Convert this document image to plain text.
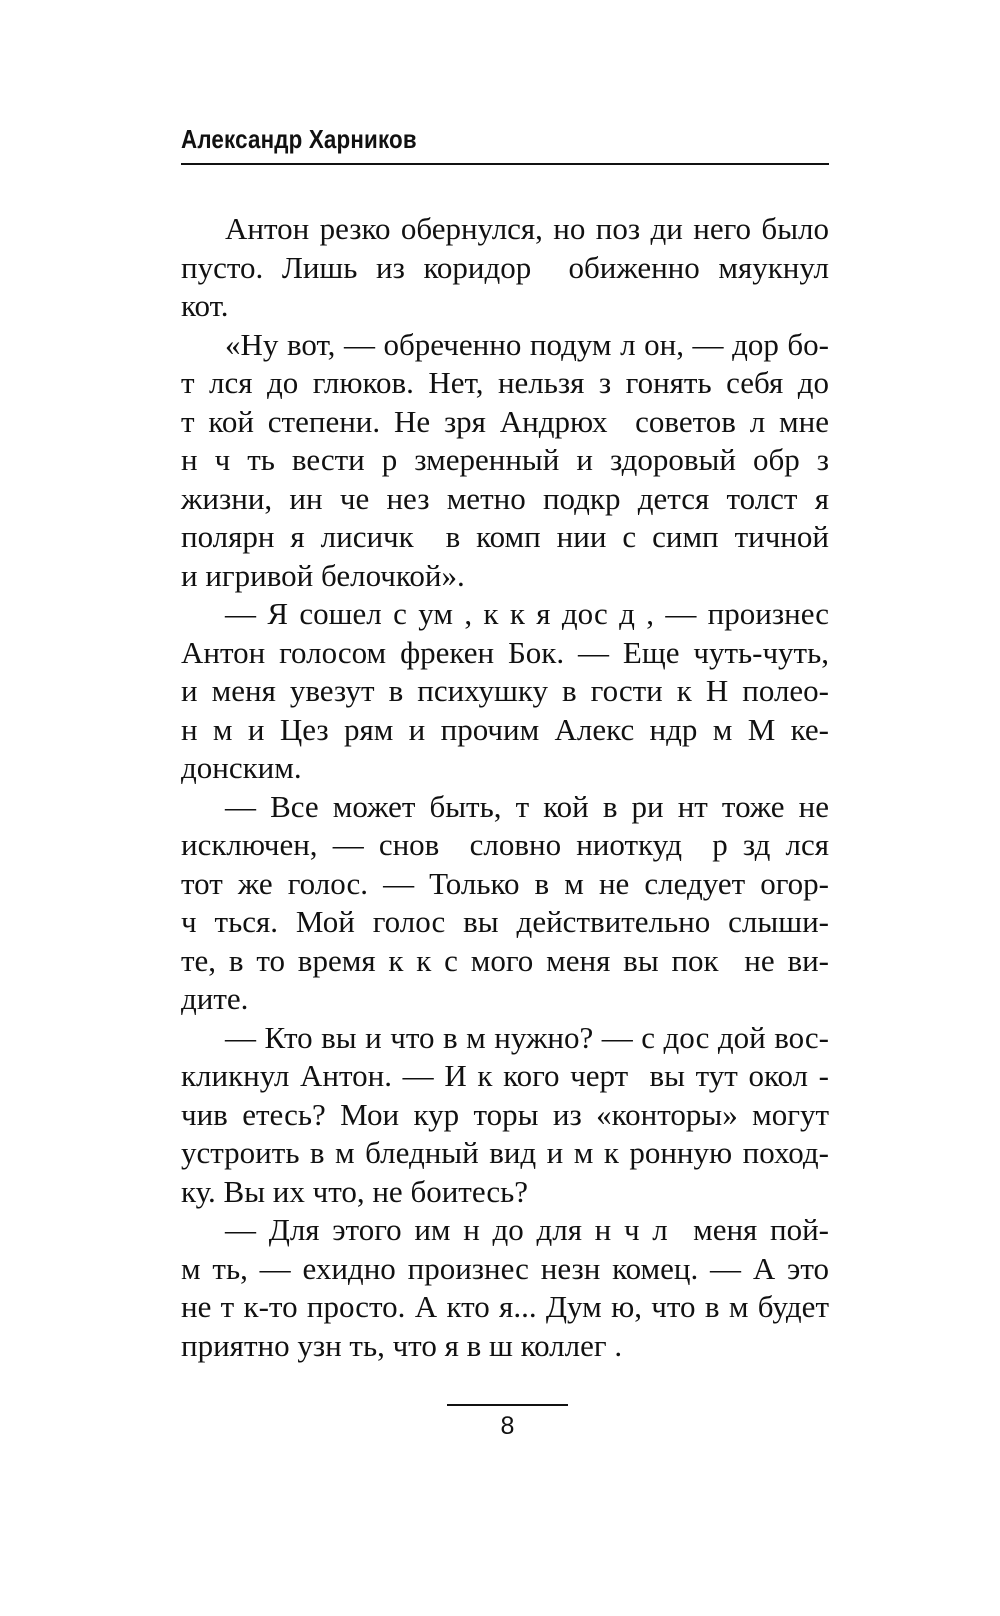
Александр Харников
Антон резко обернулся, но поз ди него было
пусто. Лишь из коридор  обиженно мяукнул
кот.
«Ну вот, — обреченно подум л он, — дор бо-
т лся до глюков. Нет, нельзя з гонять себя до
т кой степени. Не зря Андрюх  советов л мне
н ч ть вести р змеренный и здоровый обр з
жизни, ин че нез метно подкр дется толст я
полярн я лисичк  в комп нии с симп тичной
и игривой белочкой».
— Я сошел с ум , к к я дос д , — произнес
Антон голосом фрекен Бок. — Еще чуть-чуть,
и меня увезут в психушку в гости к Н полео-
н м и Цез рям и прочим Алекс ндр м М ке-
донским.
— Все может быть, т кой в ри нт тоже не
исключен, — снов  словно ниоткуд  р зд лся
тот же голос. — Только в м не следует огор-
ч ться. Мой голос вы действительно слыши-
те, в то время к к с мого меня вы пок  не ви-
дите.
— Кто вы и что в м нужно? — с дос дой вос-
кликнул Антон. — И к кого черт  вы тут окол -
чив етесь? Мои кур торы из «конторы» могут
устроить в м бледный вид и м к ронную поход-
ку. Вы их что, не боитесь?
— Для этого им н до для н ч л  меня пой-
м ть, — ехидно произнес незн комец. — А это
не т к-то просто. А кто я... Дум ю, что в м будет
приятно узн ть, что я в ш коллег .
8
